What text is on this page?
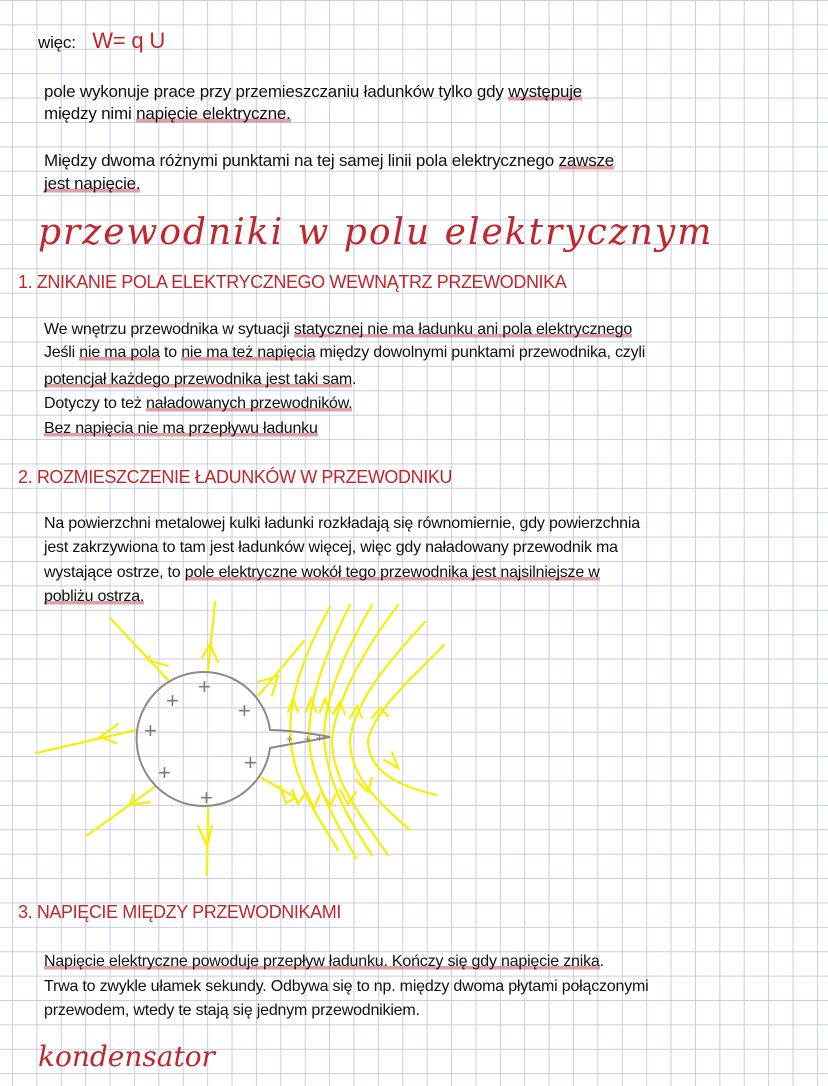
więc: W= q U
pole wykonuje prace przy przemieszczaniu ładunków tylko gdy występuje
między nimi napięcie elektryczne.
Między dwoma różnymi punktami na tej samej linii pola elektrycznego zawsze
jest napięcie.
przewodniki w polu elektrycznym
1. ZNIKANIE POLA ELEKTRYCZNEGO WEWNĄTRZ PRZEWODNIKA
We wnętrzu przewodnika w sytuacji statycznej nie ma ładunku ani pola elektrycznego
Jeśli nie ma pola to nie ma też napięcia między dowolnymi punktami przewodnika, czyli
potencjał każdego przewodnika jest taki sam.
Dotyczy to też naładowanych przewodników.
Bez napięcia nie ma przepływu ładunku
2. ROZMIESZCZENIE ŁADUNKÓW W PRZEWODNIKU
Na powierzchni metalowej kulki ładunki rozkładają się równomiernie, gdy powierzchnia
jest zakrzywiona to tam jest ładunków więcej, więc gdy naładowany przewodnik ma
wystające ostrze, to pole elektryczne wokół tego przewodnika jest najsilniejsze w
pobliżu ostrza.
+
+	+
+
+
+
+
+ + +
3. NAPIĘCIE MIĘDZY PRZEWODNIKAMI
Napięcie elektryczne powoduje przepływ ładunku. Kończy się gdy napięcie znika.
Trwa to zwykle ułamek sekundy. Odbywa się to np. między dwoma płytami połączonymi
przewodem, wtedy te stają się jednym przewodnikiem.
kondensator
